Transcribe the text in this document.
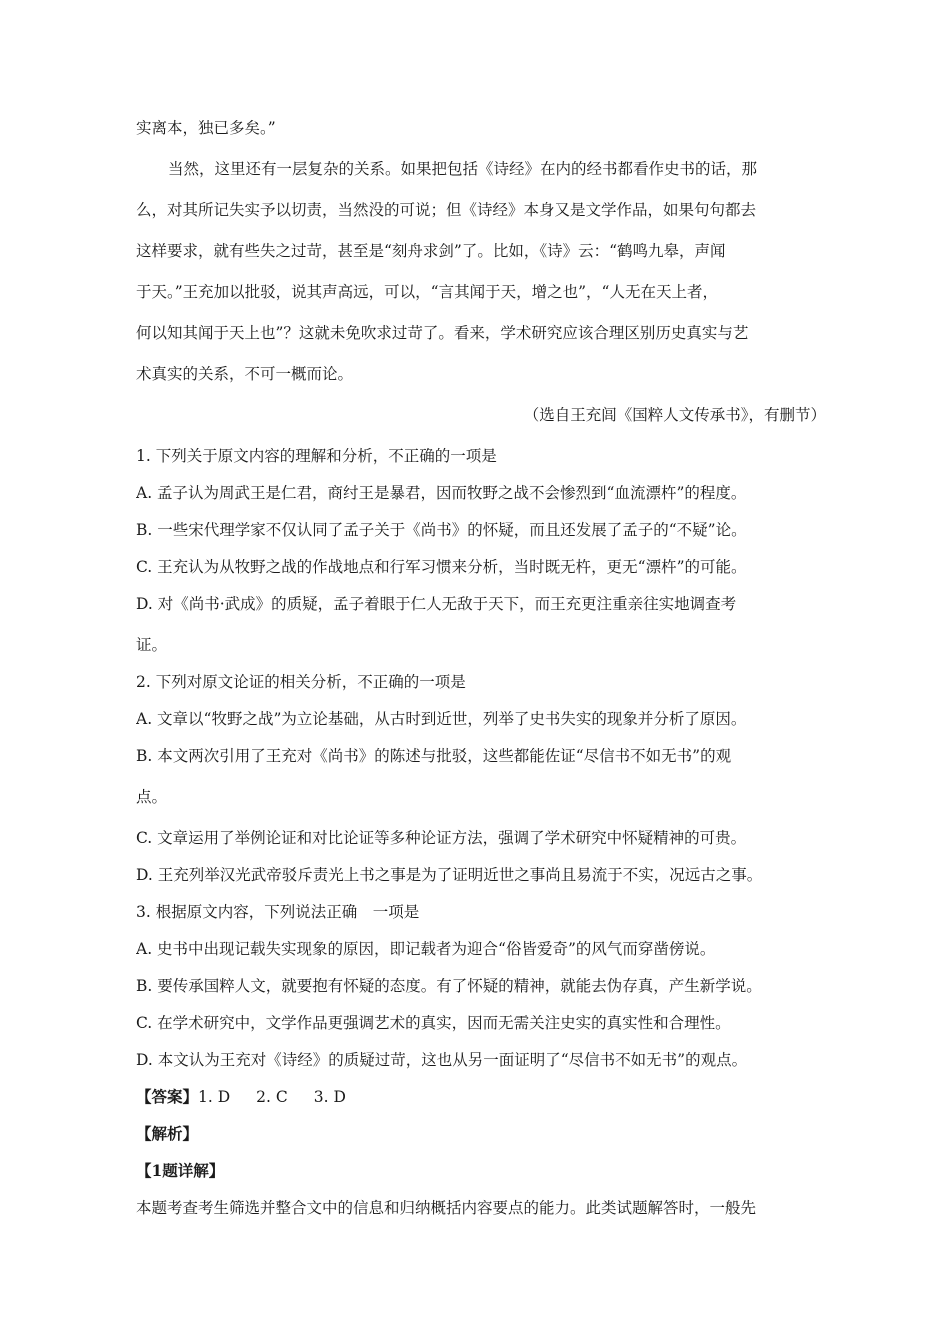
实离本，独已多矣。”
当然，这里还有一层复杂的关系。如果把包括《诗经》在内的经书都看作史书的话，那
么，对其所记失实予以切责，当然没的可说；但《诗经》本身又是文学作品，如果句句都去
这样要求，就有些失之过苛，甚至是“刻舟求剑”了。比如，《诗》云：“鹤鸣九皋，声闻
于天。”王充加以批驳，说其声高远，可以，“言其闻于天，增之也”，“人无在天上者，
何以知其闻于天上也”？这就未免吹求过苛了。看来，学术研究应该合理区别历史真实与艺
术真实的关系，不可一概而论。
（选自王充闾《国粹人文传承书》，有删节）
1. 下列关于原文内容的理解和分析，不正确的一项是
A. 孟子认为周武王是仁君，商纣王是暴君，因而牧野之战不会惨烈到“血流漂杵”的程度。
B. 一些宋代理学家不仅认同了孟子关于《尚书》的怀疑，而且还发展了孟子的“不疑”论。
C. 王充认为从牧野之战的作战地点和行军习惯来分析，当时既无杵，更无“漂杵”的可能。
D. 对《尚书·武成》的质疑，孟子着眼于仁人无敌于天下，而王充更注重亲往实地调查考
证。
2. 下列对原文论证的相关分析，不正确的一项是
A. 文章以“牧野之战”为立论基础，从古时到近世，列举了史书失实的现象并分析了原因。
B. 本文两次引用了王充对《尚书》的陈述与批驳，这些都能佐证“尽信书不如无书”的观
点。
C. 文章运用了举例论证和对比论证等多种论证方法，强调了学术研究中怀疑精神的可贵。
D. 王充列举汉光武帝驳斥责光上书之事是为了证明近世之事尚且易流于不实，况远古之事。
3. 根据原文内容，下列说法正确　一项是
A. 史书中出现记载失实现象的原因，即记载者为迎合“俗皆爱奇”的风气而穿凿傍说。
B. 要传承国粹人文，就要抱有怀疑的态度。有了怀疑的精神，就能去伪存真，产生新学说。
C. 在学术研究中，文学作品更强调艺术的真实，因而无需关注史实的真实性和合理性。
D. 本文认为王充对《诗经》的质疑过苛，这也从另一面证明了“尽信书不如无书”的观点。
【答案】1. D 2. C 3. D
【解析】
【1题详解】
本题考查考生筛选并整合文中的信息和归纳概括内容要点的能力。此类试题解答时，一般先
